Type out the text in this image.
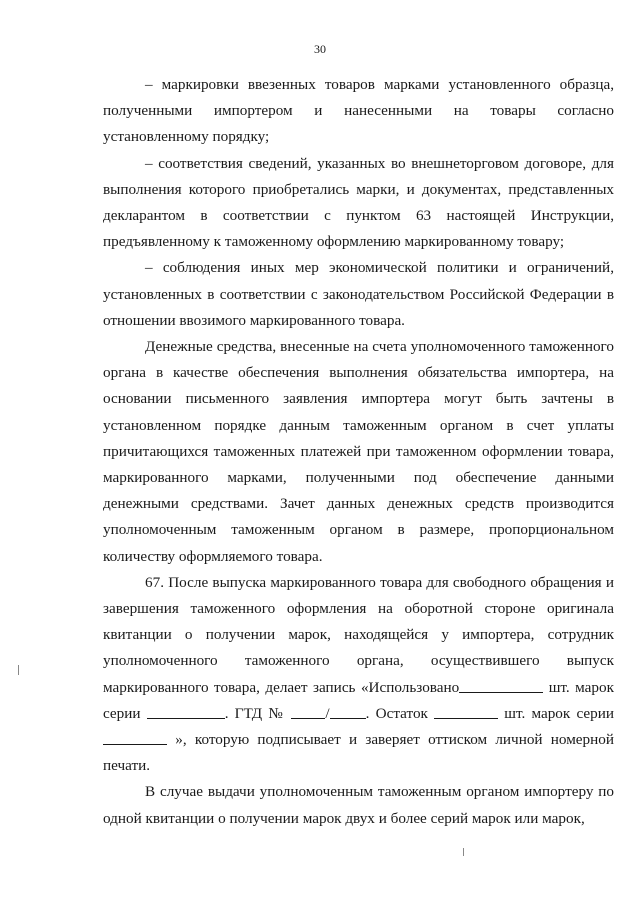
30

– маркировки ввезенных товаров марками установленного образца, полученными импортером и нанесенными на товары согласно установленному порядку;

– соответствия сведений, указанных во внешнеторговом договоре, для выполнения которого приобретались марки, и документах, представленных декларантом в соответствии с пунктом 63 настоящей Инструкции, предъявленному к таможенному оформлению маркированному товару;

– соблюдения иных мер экономической политики и ограничений, установленных в соответствии с законодательством Российской Федерации в отношении ввозимого маркированного товара.

Денежные средства, внесенные на счета уполномоченного таможенного органа в качестве обеспечения выполнения обязательства импортера, на основании письменного заявления импортера могут быть зачтены в установленном порядке данным таможенным органом в счет уплаты причитающихся таможенных платежей при таможенном оформлении товара, маркированного марками, полученными под обеспечение данными денежными средствами. Зачет данных денежных средств производится уполномоченным таможенным органом в размере, пропорциональном количеству оформляемого товара.

67. После выпуска маркированного товара для свободного обращения и завершения таможенного оформления на оборотной стороне оригинала квитанции о получении марок, находящейся у импортера, сотрудник уполномоченного таможенного органа, осуществившего выпуск маркированного товара, делает запись «Использовано	шт. марок серии	. ГТД № / . Остаток	шт. марок серии  », которую подписывает и заверяет оттиском личной номерной печати.

В случае выдачи уполномоченным таможенным органом импортеру по одной квитанции о получении марок двух и более серий марок или марок,
